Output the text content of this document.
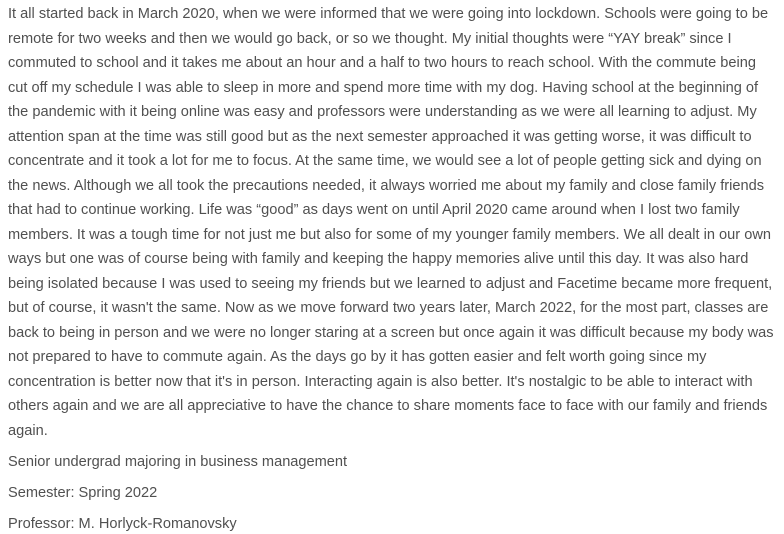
It all started back in March 2020, when we were informed that we were going into lockdown. Schools were going to be remote for two weeks and then we would go back, or so we thought. My initial thoughts were “YAY break” since I commuted to school and it takes me about an hour and a half to two hours to reach school. With the commute being cut off my schedule I was able to sleep in more and spend more time with my dog. Having school at the beginning of the pandemic with it being online was easy and professors were understanding as we were all learning to adjust. My attention span at the time was still good but as the next semester approached it was getting worse, it was difficult to concentrate and it took a lot for me to focus. At the same time, we would see a lot of people getting sick and dying on the news. Although we all took the precautions needed, it always worried me about my family and close family friends that had to continue working. Life was “good” as days went on until April 2020 came around when I lost two family members. It was a tough time for not just me but also for some of my younger family members. We all dealt in our own ways but one was of course being with family and keeping the happy memories alive until this day. It was also hard being isolated because I was used to seeing my friends but we learned to adjust and Facetime became more frequent, but of course, it wasn't the same. Now as we move forward two years later, March 2022, for the most part, classes are back to being in person and we were no longer staring at a screen but once again it was difficult because my body was not prepared to have to commute again. As the days go by it has gotten easier and felt worth going since my concentration is better now that it's in person. Interacting again is also better. It's nostalgic to be able to interact with others again and we are all appreciative to have the chance to share moments face to face with our family and friends again.

Senior undergrad majoring in business management

Semester: Spring 2022

Professor: M. Horlyck-Romanovsky
